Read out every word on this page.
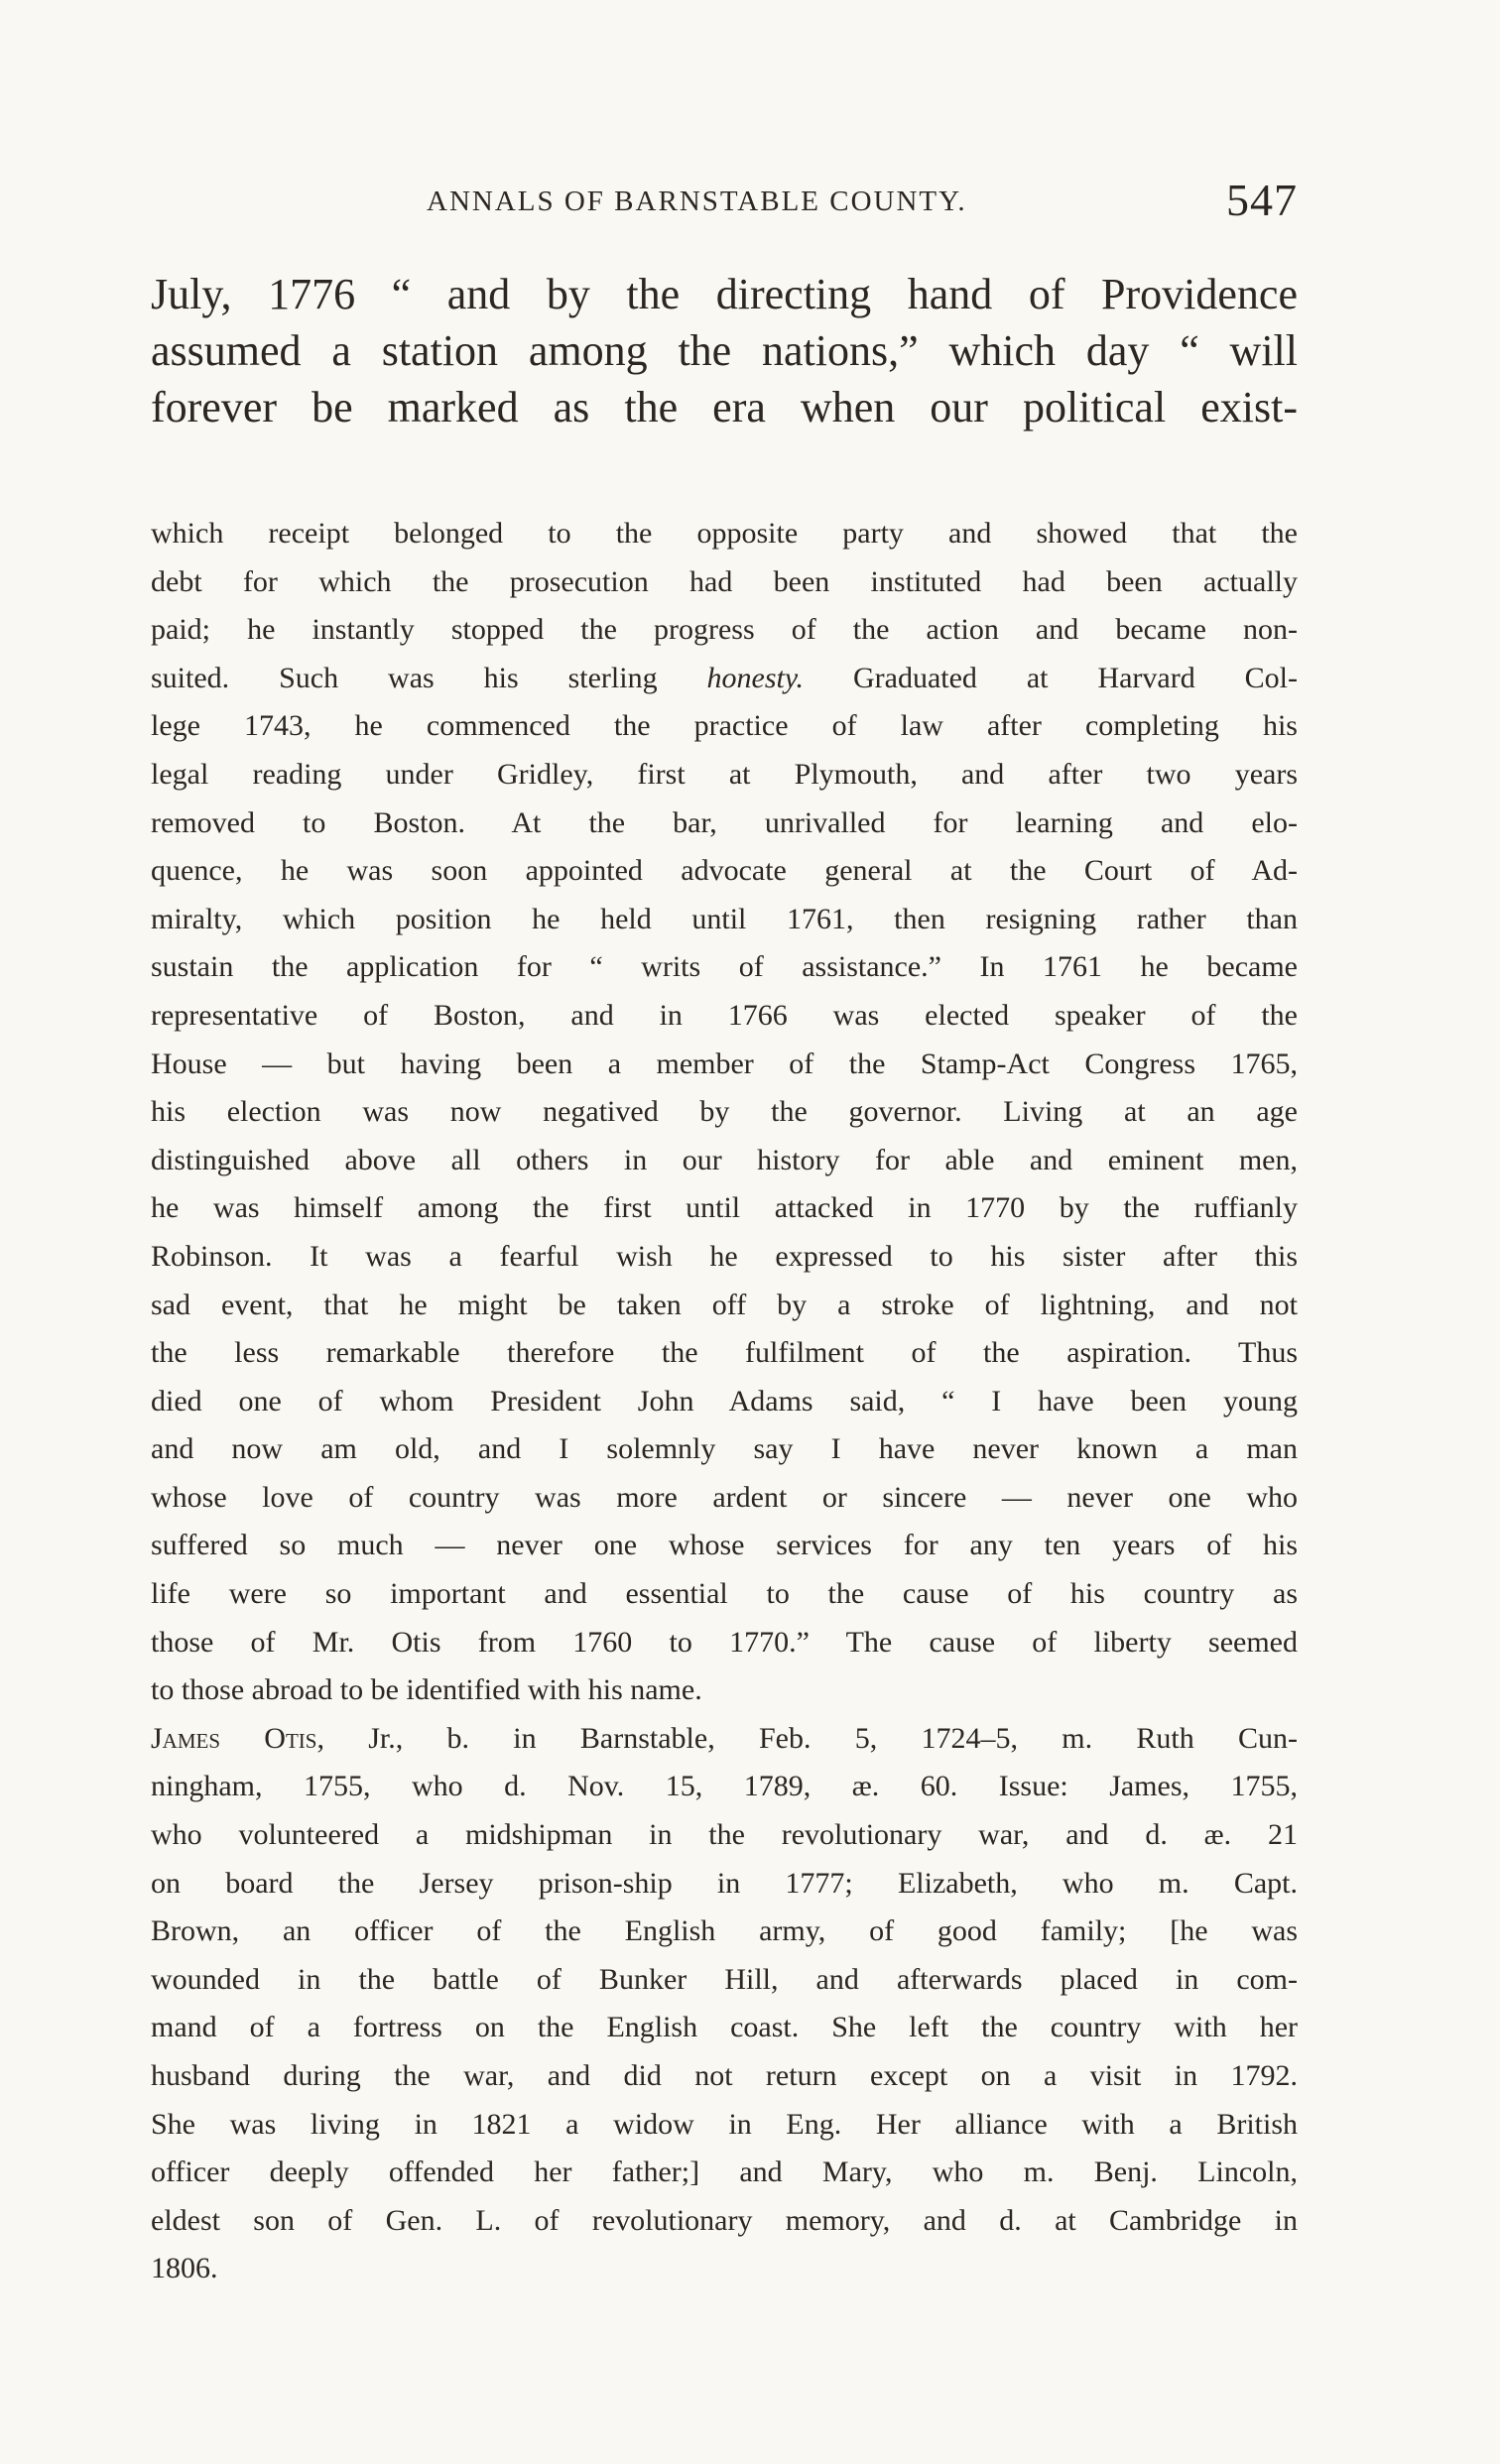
ANNALS OF BARNSTABLE COUNTY.	547
July, 1776 “ and by the directing hand of Providence
assumed a station among the nations,” which day “ will
forever be marked as the era when our political exist-
which receipt belonged to the opposite party and showed that the
debt for which the prosecution had been instituted had been actually
paid; he instantly stopped the progress of the action and became non-
suited. Such was his sterling honesty. Graduated at Harvard Col-
lege 1743, he commenced the practice of law after completing his
legal reading under Gridley, first at Plymouth, and after two years
removed to Boston. At the bar, unrivalled for learning and elo-
quence, he was soon appointed advocate general at the Court of Ad-
miralty, which position he held until 1761, then resigning rather than
sustain the application for “ writs of assistance.” In 1761 he became
representative of Boston, and in 1766 was elected speaker of the
House — but having been a member of the Stamp-Act Congress 1765,
his election was now negatived by the governor. Living at an age
distinguished above all others in our history for able and eminent men,
he was himself among the first until attacked in 1770 by the ruffianly
Robinson. It was a fearful wish he expressed to his sister after this
sad event, that he might be taken off by a stroke of lightning, and not
the less remarkable therefore the fulfilment of the aspiration. Thus
died one of whom President John Adams said, “ I have been young
and now am old, and I solemnly say I have never known a man
whose love of country was more ardent or sincere — never one who
suffered so much — never one whose services for any ten years of his
life were so important and essential to the cause of his country as
those of Mr. Otis from 1760 to 1770.” The cause of liberty seemed
to those abroad to be identified with his name.
James Otis, Jr., b. in Barnstable, Feb. 5, 1724–5, m. Ruth Cun-
ningham, 1755, who d. Nov. 15, 1789, æ. 60. Issue: James, 1755,
who volunteered a midshipman in the revolutionary war, and d. æ. 21
on board the Jersey prison-ship in 1777; Elizabeth, who m. Capt.
Brown, an officer of the English army, of good family; [he was
wounded in the battle of Bunker Hill, and afterwards placed in com-
mand of a fortress on the English coast. She left the country with her
husband during the war, and did not return except on a visit in 1792.
She was living in 1821 a widow in Eng. Her alliance with a British
officer deeply offended her father;] and Mary, who m. Benj. Lincoln,
eldest son of Gen. L. of revolutionary memory, and d. at Cambridge in
1806.
